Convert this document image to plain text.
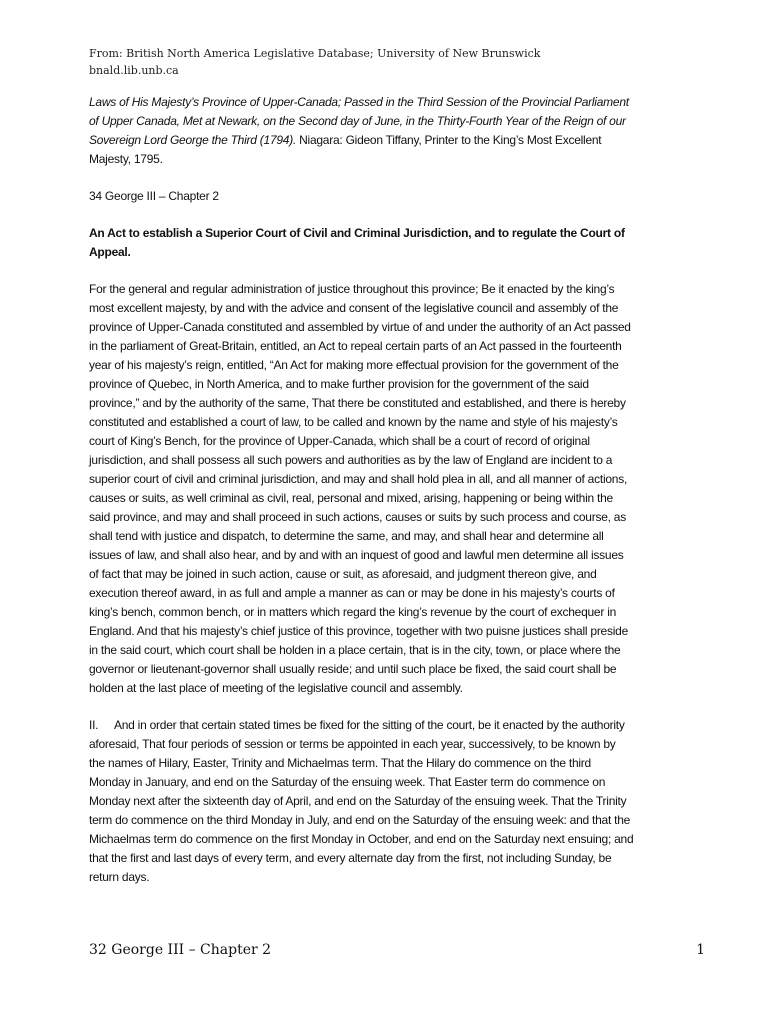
From: British North America Legislative Database; University of New Brunswick
bnald.lib.unb.ca

Laws of His Majesty’s Province of Upper-Canada; Passed in the Third Session of the Provincial Parliament of Upper Canada, Met at Newark, on the Second day of June, in the Thirty-Fourth Year of the Reign of our Sovereign Lord George the Third (1794). Niagara: Gideon Tiffany, Printer to the King’s Most Excellent Majesty, 1795.

34 George III – Chapter 2

An Act to establish a Superior Court of Civil and Criminal Jurisdiction, and to regulate the Court of Appeal.

For the general and regular administration of justice throughout this province; Be it enacted by the king’s most excellent majesty, by and with the advice and consent of the legislative council and assembly of the province of Upper-Canada constituted and assembled by virtue of and under the authority of an Act passed in the parliament of Great-Britain, entitled, an Act to repeal certain parts of an Act passed in the fourteenth year of his majesty’s reign, entitled, “An Act for making more effectual provision for the government of the province of Quebec, in North America, and to make further provision for the government of the said province,” and by the authority of the same, That there be constituted and established, and there is hereby constituted and established a court of law, to be called and known by the name and style of his majesty’s court of King’s Bench, for the province of Upper-Canada, which shall be a court of record of original jurisdiction, and shall possess all such powers and authorities as by the law of England are incident to a superior court of civil and criminal jurisdiction, and may and shall hold plea in all, and all manner of actions, causes or suits, as well criminal as civil, real, personal and mixed, arising, happening or being within the said province, and may and shall proceed in such actions, causes or suits by such process and course, as shall tend with justice and dispatch, to determine the same, and may, and shall hear and determine all issues of law, and shall also hear, and by and with an inquest of good and lawful men determine all issues of fact that may be joined in such action, cause or suit, as aforesaid, and judgment thereon give, and execution thereof award, in as full and ample a manner as can or may be done in his majesty’s courts of king’s bench, common bench, or in matters which regard the king’s revenue by the court of exchequer in England. And that his majesty’s chief justice of this province, together with two puisne justices shall preside in the said court, which court shall be holden in a place certain, that is in the city, town, or place where the governor or lieutenant-governor shall usually reside; and until such place be fixed, the said court shall be holden at the last place of meeting of the legislative council and assembly.

II. And in order that certain stated times be fixed for the sitting of the court, be it enacted by the authority aforesaid, That four periods of session or terms be appointed in each year, successively, to be known by the names of Hilary, Easter, Trinity and Michaelmas term. That the Hilary do commence on the third Monday in January, and end on the Saturday of the ensuing week. That Easter term do commence on Monday next after the sixteenth day of April, and end on the Saturday of the ensuing week. That the Trinity term do commence on the third Monday in July, and end on the Saturday of the ensuing week: and that the Michaelmas term do commence on the first Monday in October, and end on the Saturday next ensuing; and that the first and last days of every term, and every alternate day from the first, not including Sunday, be return days.

32 George III – Chapter 2	1
